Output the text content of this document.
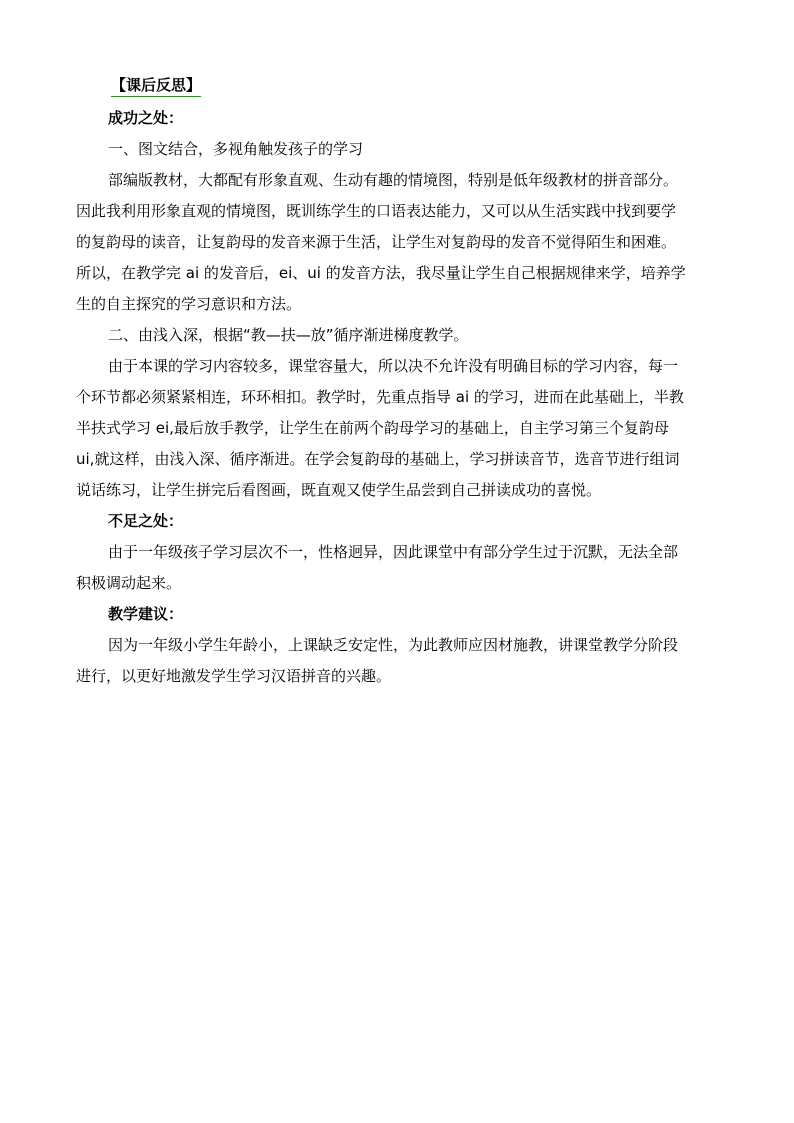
【课后反思】
成功之处：
一、图文结合，多视角触发孩子的学习
部编版教材，大都配有形象直观、生动有趣的情境图，特别是低年级教材的拼音部分。
因此我利用形象直观的情境图，既训练学生的口语表达能力，又可以从生活实践中找到要学
的复韵母的读音，让复韵母的发音来源于生活，让学生对复韵母的发音不觉得陌生和困难。
所以，在教学完 ai 的发音后，ei、ui 的发音方法，我尽量让学生自己根据规律来学，培养学
生的自主探究的学习意识和方法。
二、由浅入深，根据“教—扶—放”循序渐进梯度教学。
由于本课的学习内容较多，课堂容量大，所以决不允许没有明确目标的学习内容，每一
个环节都必须紧紧相连，环环相扣。教学时，先重点指导 ai 的学习，进而在此基础上，半教
半扶式学习 ei,最后放手教学，让学生在前两个韵母学习的基础上，自主学习第三个复韵母
ui,就这样，由浅入深、循序渐进。在学会复韵母的基础上，学习拼读音节，选音节进行组词
说话练习，让学生拼完后看图画，既直观又使学生品尝到自己拼读成功的喜悦。
不足之处：
由于一年级孩子学习层次不一，性格迥异，因此课堂中有部分学生过于沉默，无法全部
积极调动起来。
教学建议：
因为一年级小学生年龄小，上课缺乏安定性，为此教师应因材施教，讲课堂教学分阶段
进行，以更好地激发学生学习汉语拼音的兴趣。
